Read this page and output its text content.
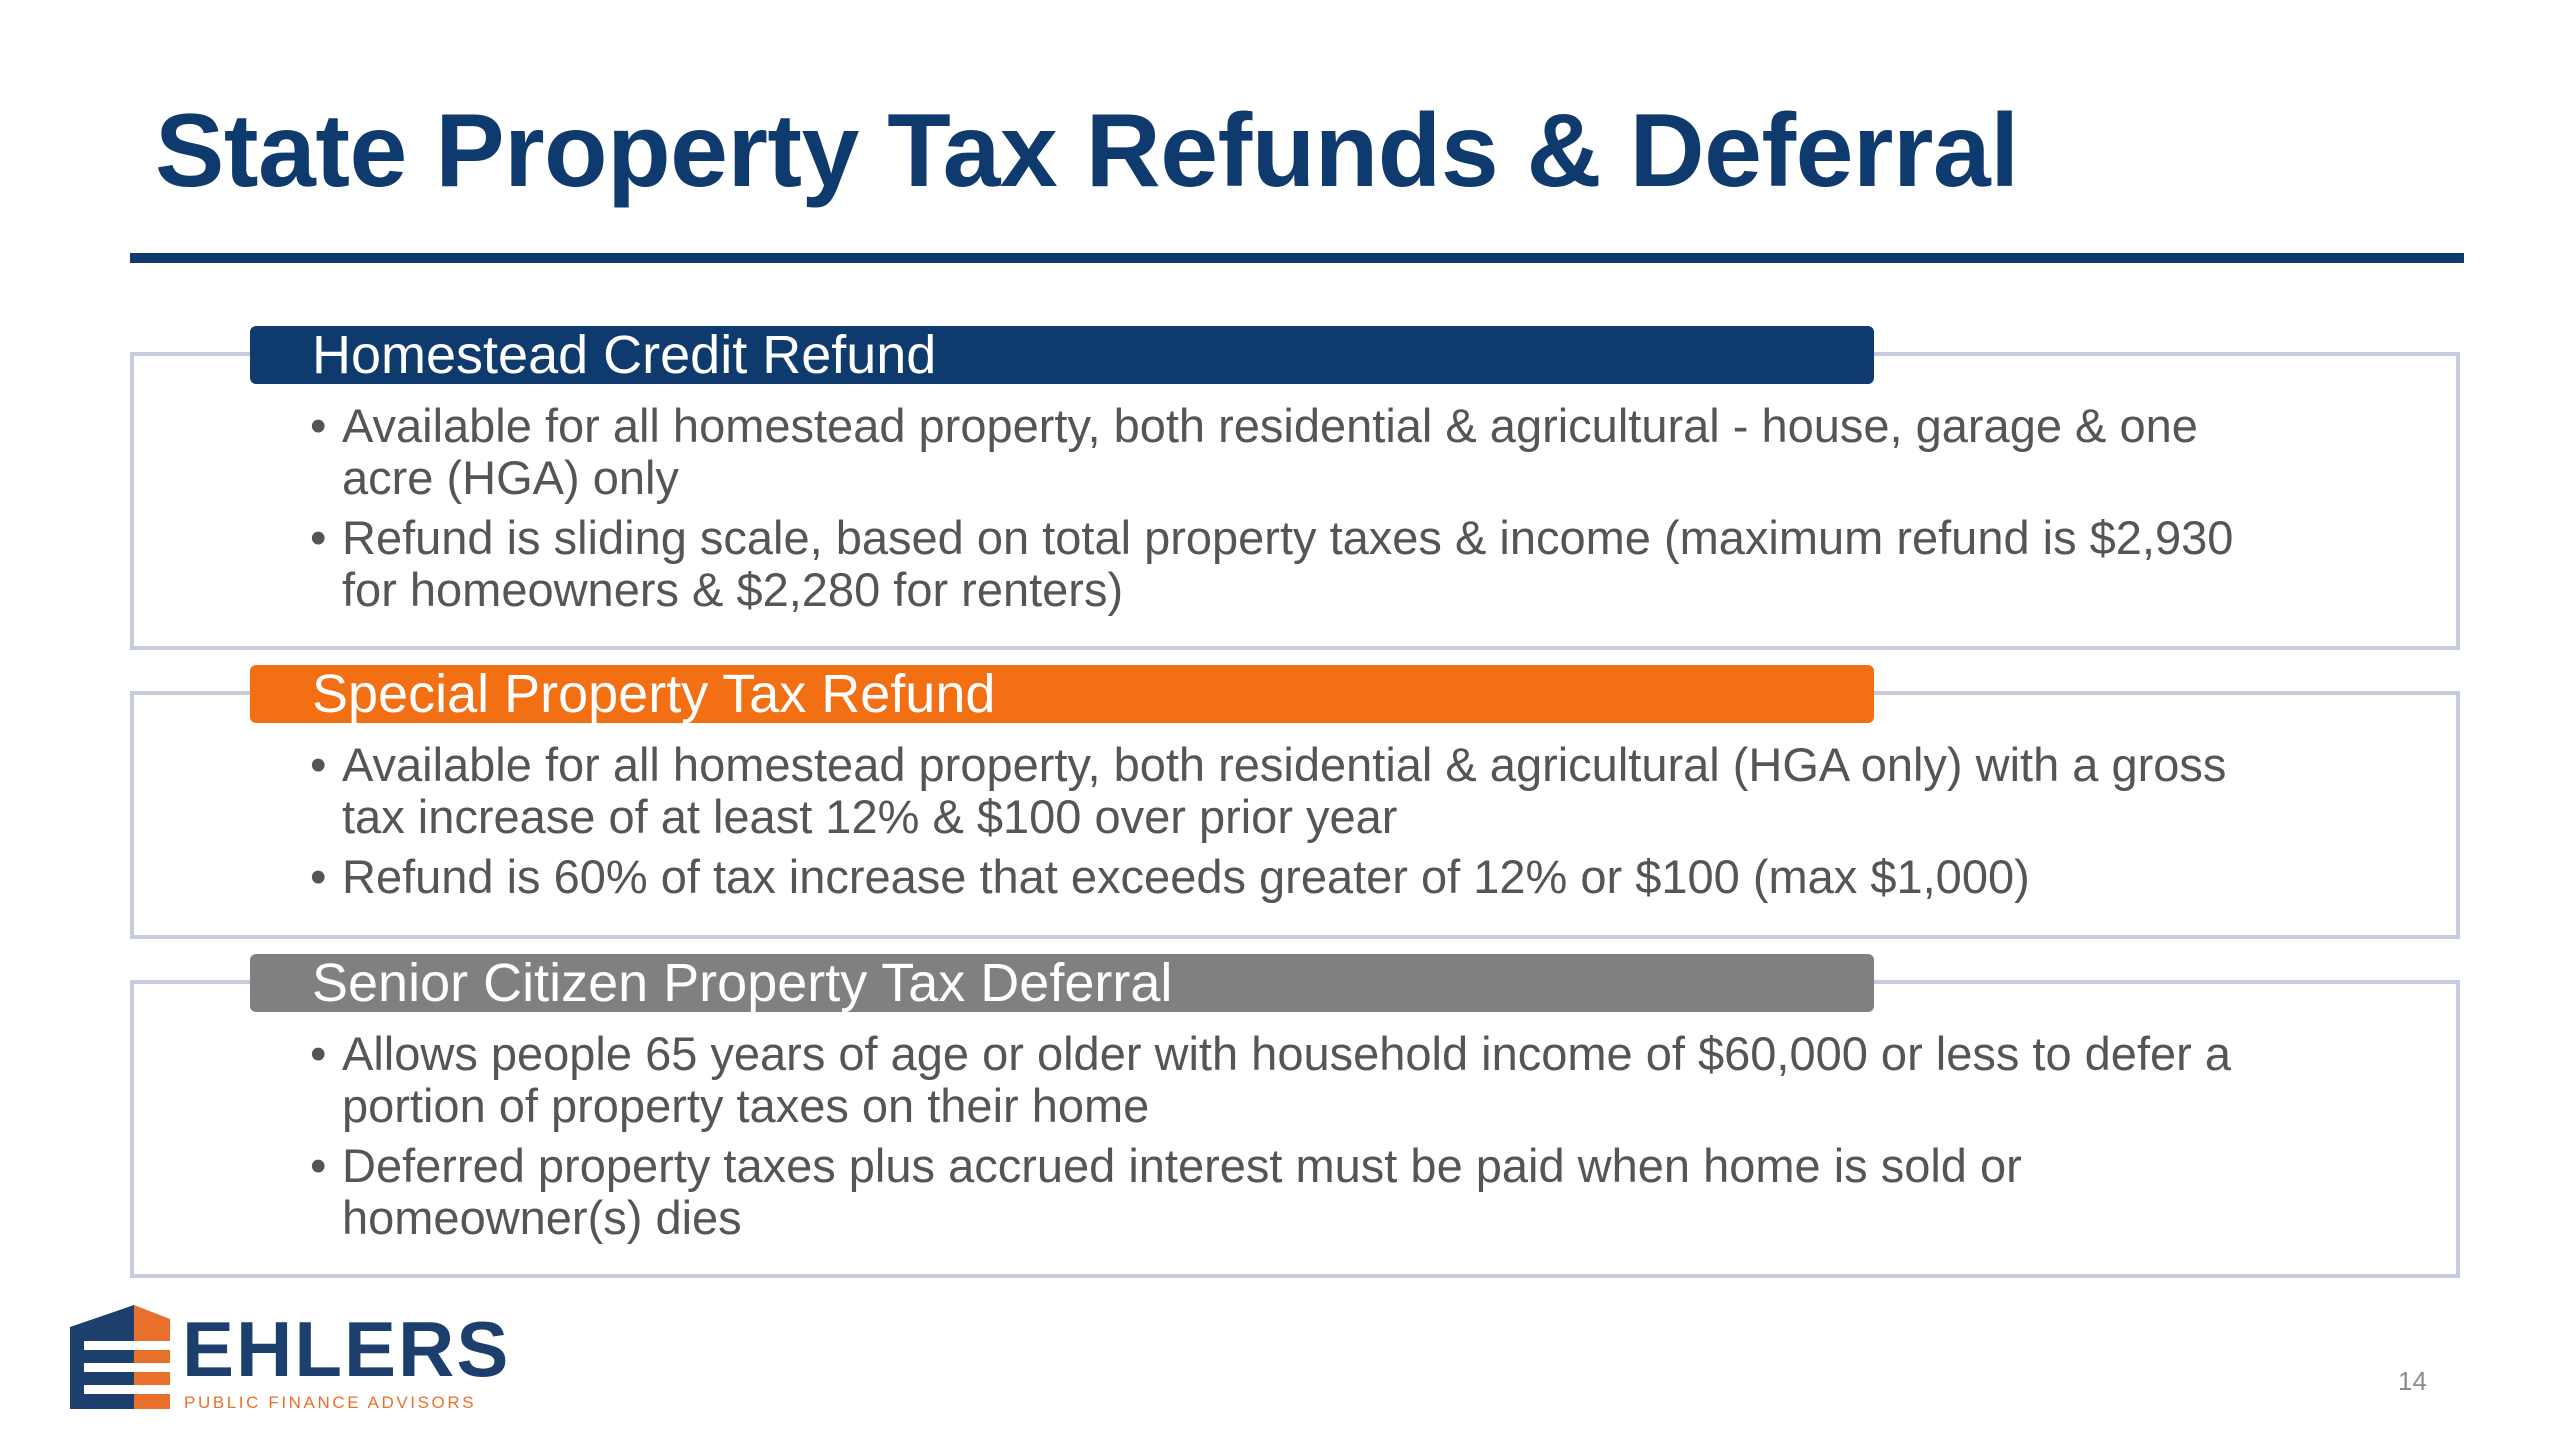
State Property Tax Refunds & Deferral
Homestead Credit Refund
• Available for all homestead property, both residential & agricultural - house, garage & one acre (HGA) only
• Refund is sliding scale, based on total property taxes & income (maximum refund is $2,930 for homeowners & $2,280 for renters)
Special Property Tax Refund
• Available for all homestead property, both residential & agricultural (HGA only) with a gross tax increase of at least 12% & $100 over prior year
• Refund is 60% of tax increase that exceeds greater of 12% or $100 (max $1,000)
Senior Citizen Property Tax Deferral
• Allows people 65 years of age or older with household income of $60,000 or less to defer a portion of property taxes on their home
• Deferred property taxes plus accrued interest must be paid when home is sold or homeowner(s) dies
EHLERS
PUBLIC FINANCE ADVISORS
14
